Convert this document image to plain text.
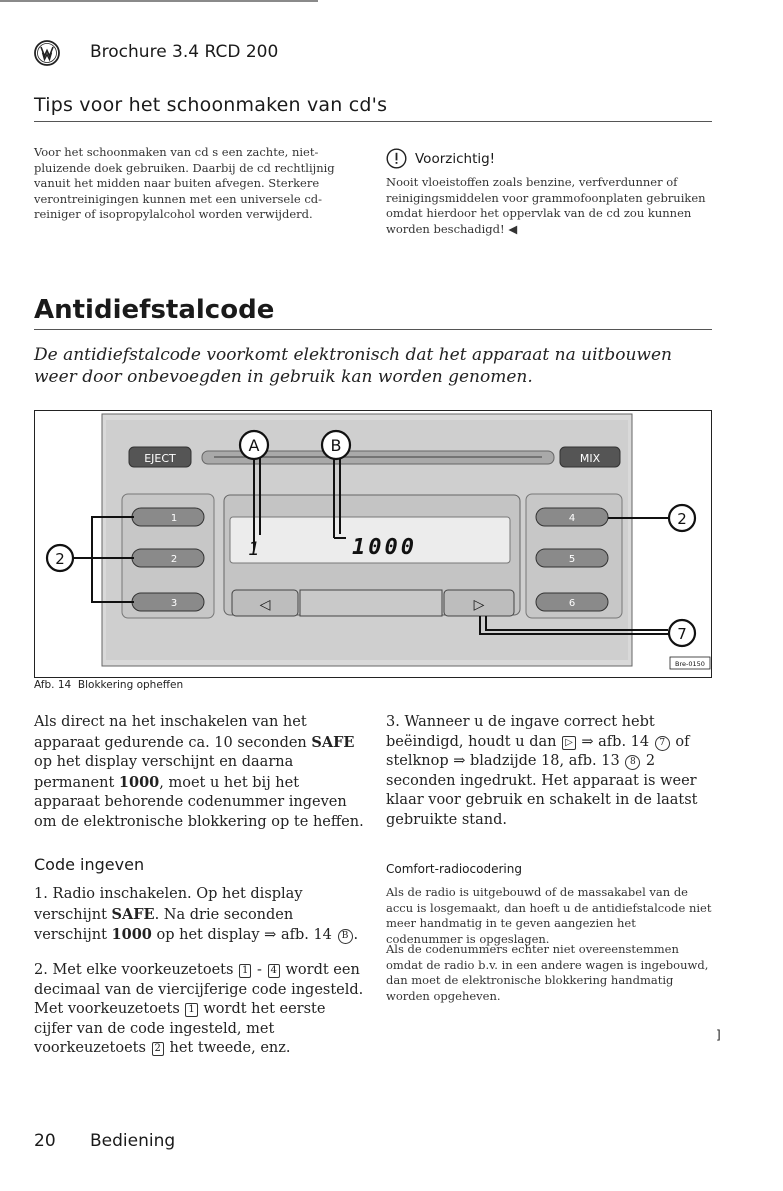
Brochure 3.4 RCD 200
Tips voor het schoonmaken van cd's

Voor het schoonmaken van cd s een zachte, niet-pluizende doek gebruiken. Daarbij de cd rechtlijnig vanuit het midden naar buiten afvegen. Sterkere verontreinigingen kunnen met een universele cd-reiniger of isopropylalcohol worden verwijderd.

Voorzichtig!

Nooit vloeistoffen zoals benzine, verfverdunner of reinigingsmiddelen voor grammofoonplaten gebruiken omdat hierdoor het oppervlak van de cd zou kunnen worden beschadigd! ◀

Antidiefstalcode

De antidiefstalcode voorkomt elektronisch dat het apparaat na uitbouwen weer door onbevoegden in gebruik kan worden genomen.

EJECT	MIX
1	1000
◁	▷
1
2
3
4
5
6
A	B
2
2
7
Bre-0150
Afb. 14 Blokkering opheffen

Als direct na het inschakelen van het apparaat gedurende ca. 10 seconden SAFE op het display verschijnt en daarna permanent 1000, moet u het bij het apparaat behorende codenummer ingeven om de elektronische blokkering op te heffen.

Code ingeven

1. Radio inschakelen. Op het display verschijnt SAFE. Na drie seconden verschijnt 1000 op het display ⇒ afb. 14 B .

2. Met elke voorkeuzetoets 1 - 4 wordt een decimaal van de viercijferige code ingesteld. Met voorkeuzetoets 1 wordt het eerste cijfer van de code ingesteld, met voorkeuzetoets 2 het tweede, enz.

3. Wanneer u de ingave correct hebt beëindigd, houdt u dan ▷ ⇒ afb. 14 7 of stelknop ⇒ bladzijde 18, afb. 13 8 2 seconden ingedrukt. Het apparaat is weer klaar voor gebruik en schakelt in de laatst gebruikte stand.

Comfort-radiocodering

Als de radio is uitgebouwd of de massakabel van de accu is losgemaakt, dan hoeft u de antidiefstalcode niet meer handmatig in te geven aangezien het codenummer is opgeslagen.

Als de codenummers echter niet overeenstemmen omdat de radio b.v. in een andere wagen is ingebouwd, dan moet de elektronische blokkering handmatig worden opgeheven.

]
20 Bediening
